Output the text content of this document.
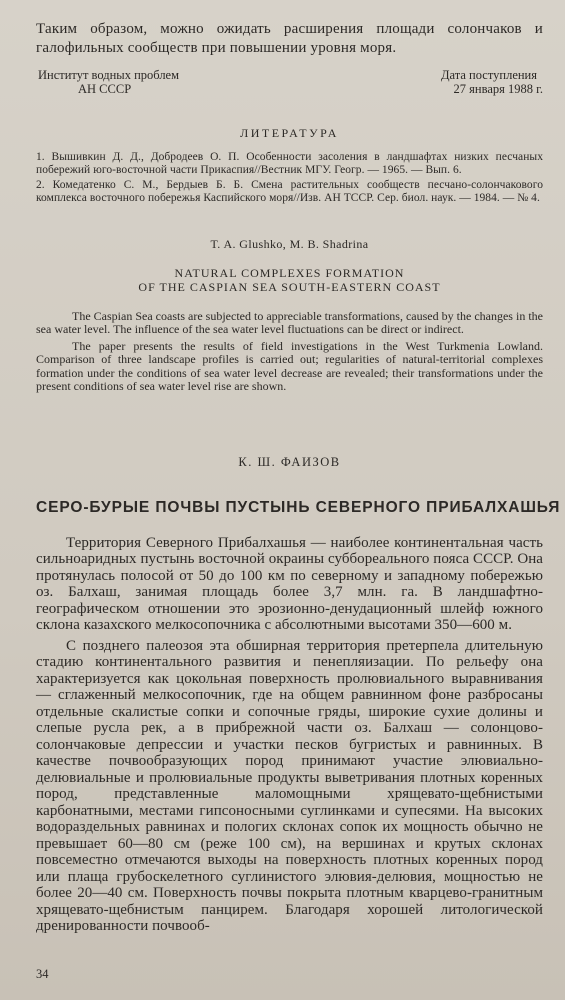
Таким образом, можно ожидать расширения площади солончаков и галофильных сообществ при повышении уровня моря.

Институт водных проблем
АН СССР
Дата поступления
27 января 1988 г.
ЛИТЕРАТУРА

1. Вышивкин Д. Д., Добродеев О. П. Особенности засоления в ландшафтах низких песчаных побережий юго-восточной части Прикаспия//Вестник МГУ. Геогр. — 1965. — Вып. 6.

2. Комедатенко С. М., Бердыев Б. Б. Смена растительных сообществ песчано-солончакового комплекса восточного побережья Каспийского моря//Изв. АН ТССР. Сер. биол. наук. — 1984. — № 4.

T. A. Glushko, M. B. Shadrina
NATURAL COMPLEXES FORMATION
OF THE CASPIAN SEA SOUTH-EASTERN COAST

The Caspian Sea coasts are subjected to appreciable transformations, caused by the changes in the sea water level. The influence of the sea water level fluctuations can be direct or indirect.

The paper presents the results of field investigations in the West Turkmenia Lowland. Comparison of three landscape profiles is carried out; regularities of natural-territorial complexes formation under the conditions of sea water level decrease are revealed; their transformations under the present conditions of sea water level rise are shown.

К. Ш. ФАИЗОВ
СЕРО-БУРЫЕ ПОЧВЫ ПУСТЫНЬ СЕВЕРНОГО ПРИБАЛХАШЬЯ

Территория Северного Прибалхашья — наиболее континентальная часть сильноаридных пустынь восточной окраины суббореального пояса СССР. Она протянулась полосой от 50 до 100 км по северному и западному побережью оз. Балхаш, занимая площадь более 3,7 млн. га. В ландшафтно-географическом отношении это эрозионно-денудационный шлейф южного склона казахского мелкосопочника с абсолютными высотами 350—600 м.

С позднего палеозоя эта обширная территория претерпела длительную стадию континентального развития и пенепляизации. По рельефу она характеризуется как цокольная поверхность пролювиального выравнивания — сглаженный мелкосопочник, где на общем равнинном фоне разбросаны отдельные скалистые сопки и сопочные гряды, широкие сухие долины и слепые русла рек, а в прибрежной части оз. Балхаш — солонцово-солончаковые депрессии и участки песков бугристых и равнинных. В качестве почвообразующих пород принимают участие элювиально-делювиальные и пролювиальные продукты выветривания плотных коренных пород, представленные маломощными хрящевато-щебнистыми карбонатными, местами гипсоносными суглинками и супесями. На высоких водораздельных равнинах и пологих склонах сопок их мощность обычно не превышает 60—80 см (реже 100 см), на вершинах и крутых склонах повсеместно отмечаются выходы на поверхность плотных коренных пород или плаща грубоскелетного суглинистого элювия-делювия, мощностью не более 20—40 см. Поверхность почвы покрыта плотным кварцево-гранитным хрящевато-щебнистым панцирем. Благодаря хорошей литологической дренированности почвооб-

34
